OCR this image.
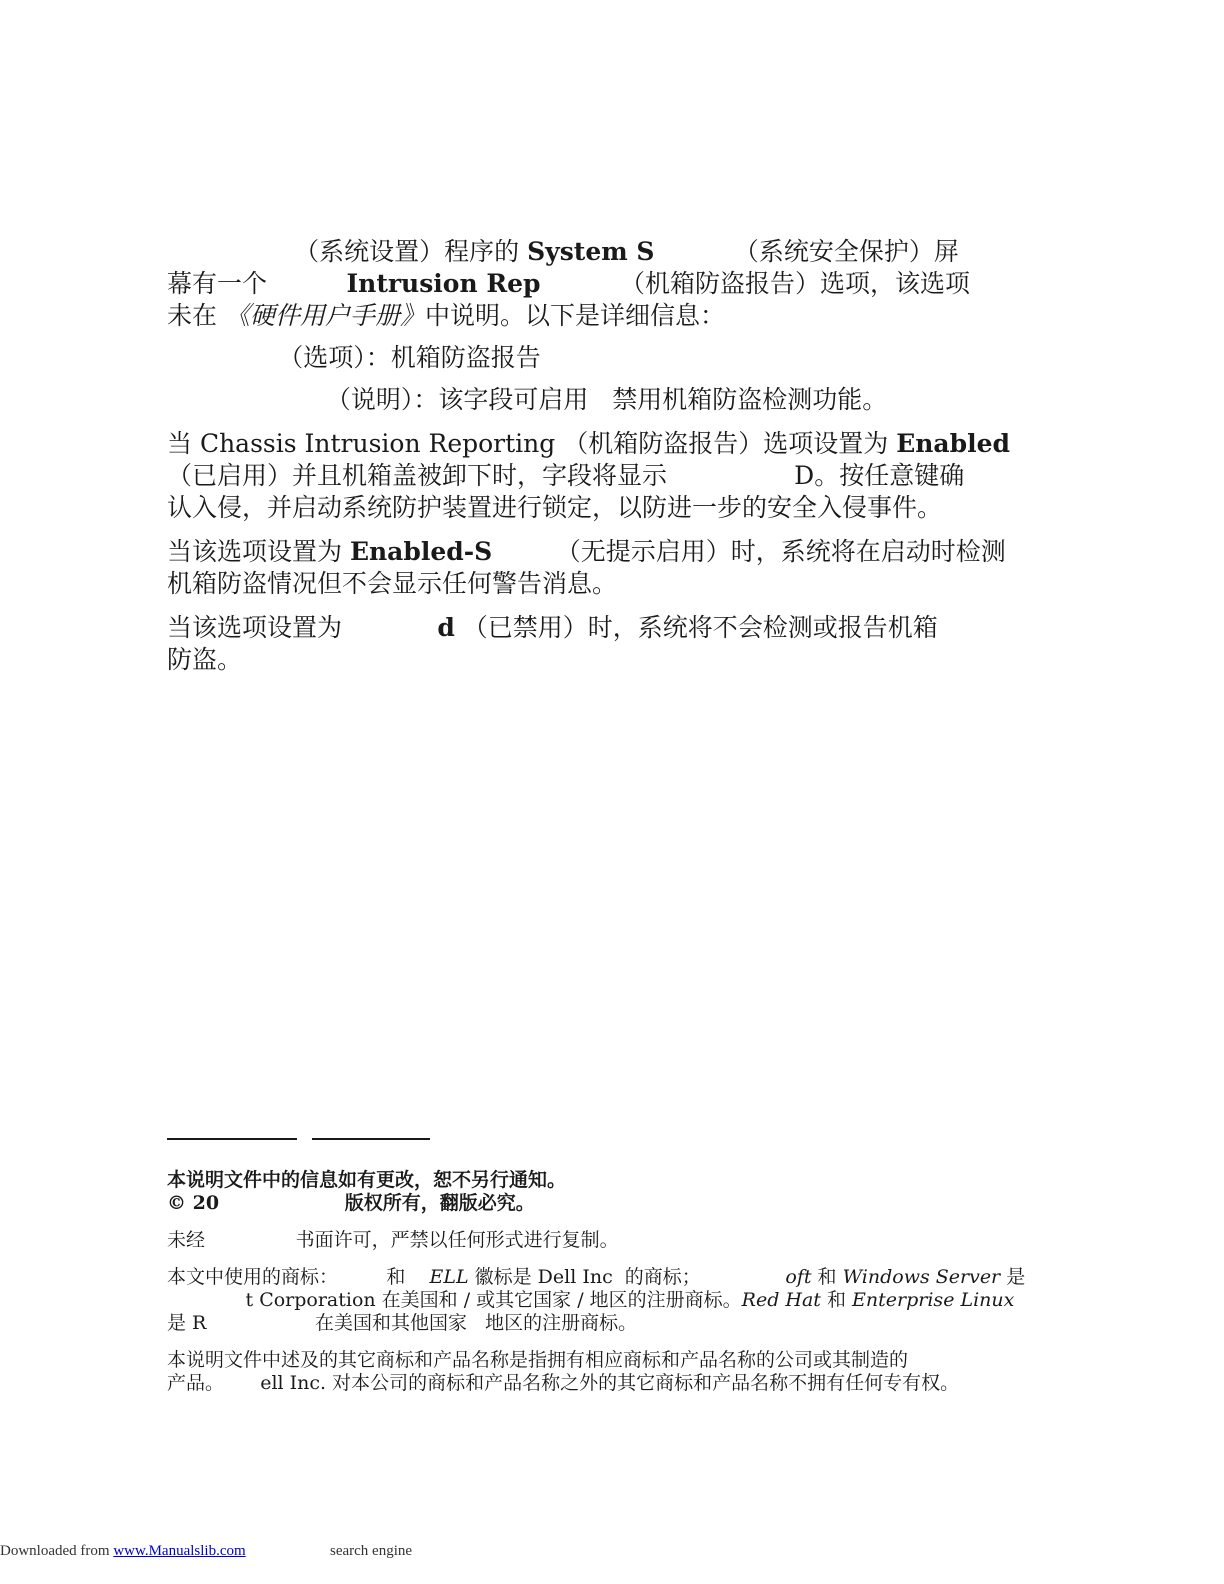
（系统设置）程序的 System S          （系统安全保护）屏

幕有一个          Intrusion Rep          （机箱防盗报告）选项，该选项

未在 《硬件用户手册》中说明。以下是详细信息：

（选项）：机箱防盗报告

（说明）：该字段可启用   禁用机箱防盗检测功能。

当 Chassis Intrusion Reporting （机箱防盗报告）选项设置为 Enabled

（已启用）并且机箱盖被卸下时，字段将显示                D。按任意键确

认入侵，并启动系统防护装置进行锁定，以防进一步的安全入侵事件。

当该选项设置为 Enabled-S        （无提示启用）时，系统将在启动时检测

机箱防盗情况但不会显示任何警告消息。

当该选项设置为            d （已禁用）时，系统将不会检测或报告机箱

防盗。

本说明文件中的信息如有更改，恕不另行通知。

© 20                   版权所有，翻版必究。

未经               书面许可，严禁以任何形式进行复制。

本文中使用的商标：        和    ELL 徽标是 Dell Inc  的商标；              oft 和 Windows Server 是

t Corporation 在美国和 / 或其它国家 / 地区的注册商标。Red Hat 和 Enterprise Linux

是 R                  在美国和其他国家   地区的注册商标。

本说明文件中述及的其它商标和产品名称是指拥有相应商标和产品名称的公司或其制造的

产品。      ell Inc. 对本公司的商标和产品名称之外的其它商标和产品名称不拥有任何专有权。

Downloaded from www.Manualslib.com	search engine
